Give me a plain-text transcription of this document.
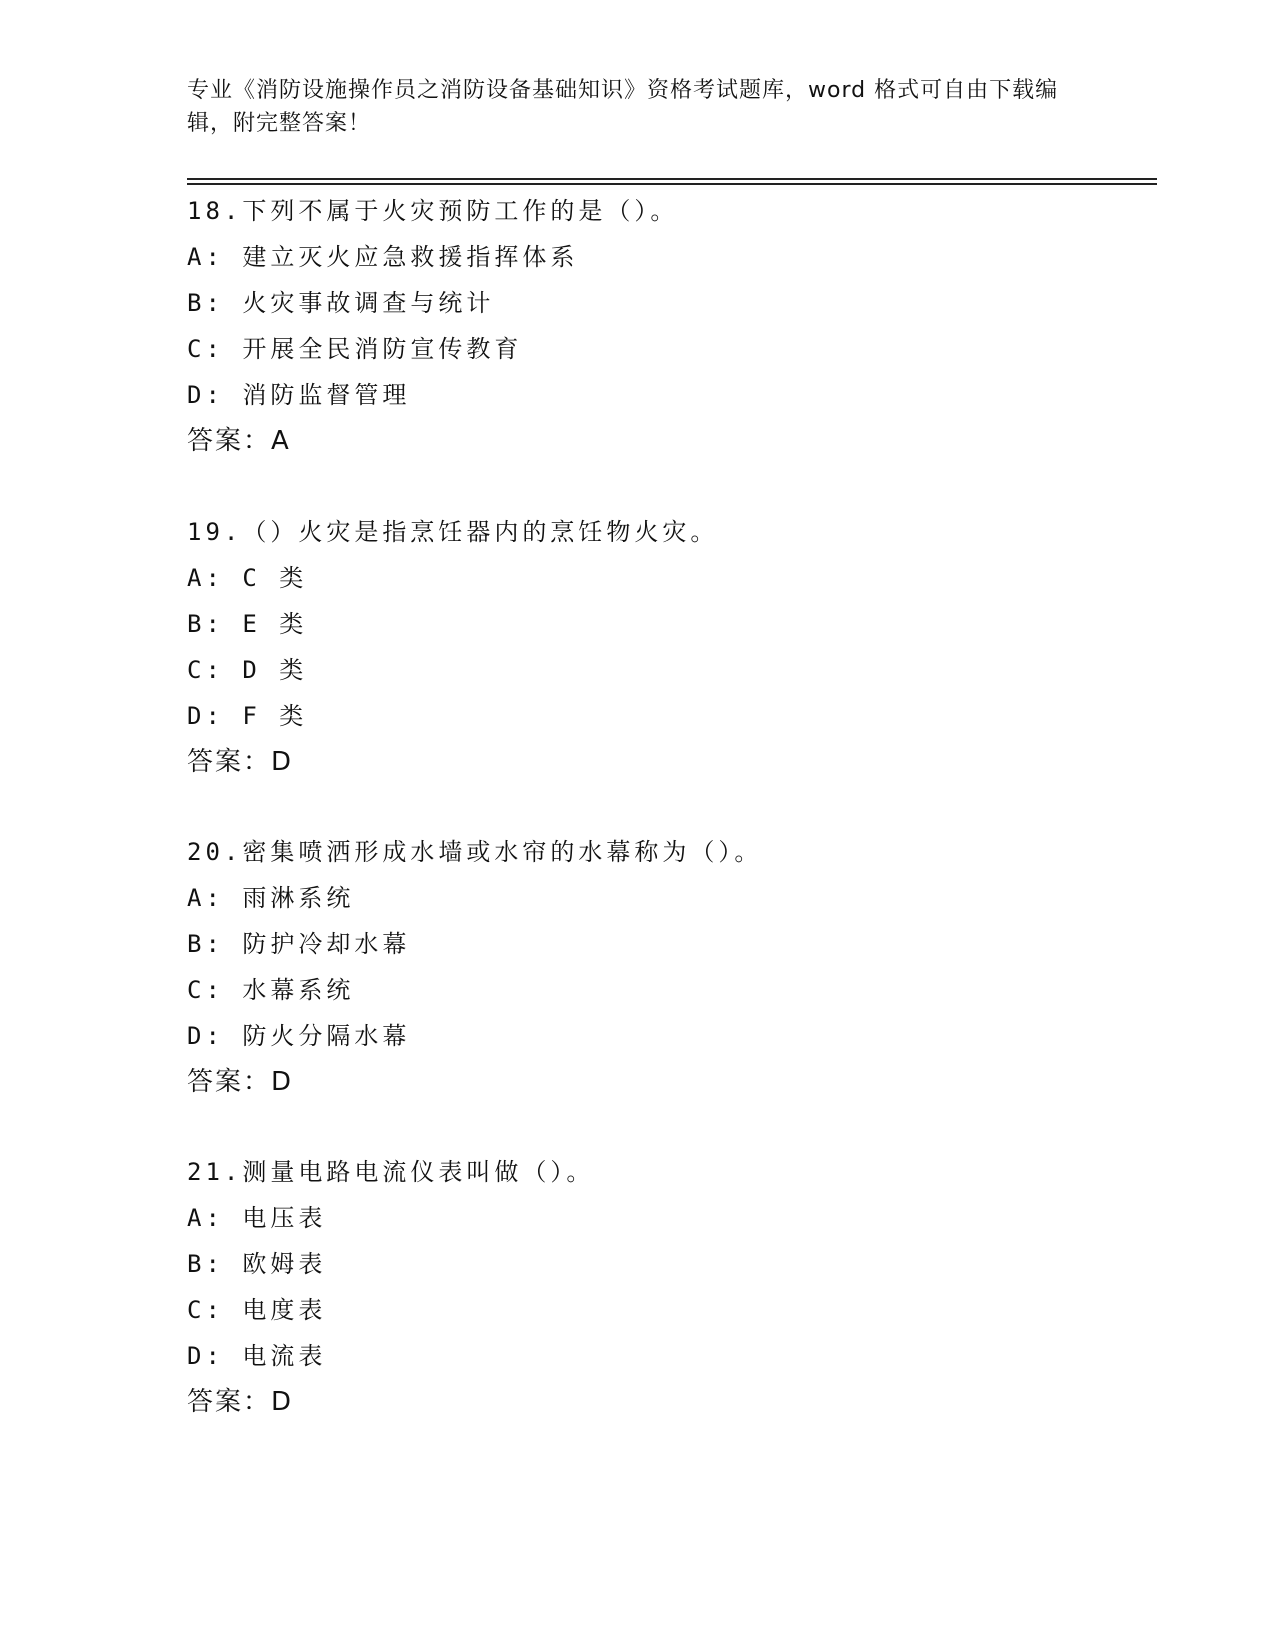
专业《消防设施操作员之消防设备基础知识》资格考试题库，word 格式可自由下载编辑，附完整答案！
18.下列不属于火灾预防工作的是（）。
A: 建立灭火应急救援指挥体系
B: 火灾事故调查与统计
C: 开展全民消防宣传教育
D: 消防监督管理
答案：A
19.（）火灾是指烹饪器内的烹饪物火灾。
A: C 类
B: E 类
C: D 类
D: F 类
答案：D
20.密集喷洒形成水墙或水帘的水幕称为（）。
A: 雨淋系统
B: 防护冷却水幕
C: 水幕系统
D: 防火分隔水幕
答案：D
21.测量电路电流仪表叫做（）。
A: 电压表
B: 欧姆表
C: 电度表
D: 电流表
答案：D
